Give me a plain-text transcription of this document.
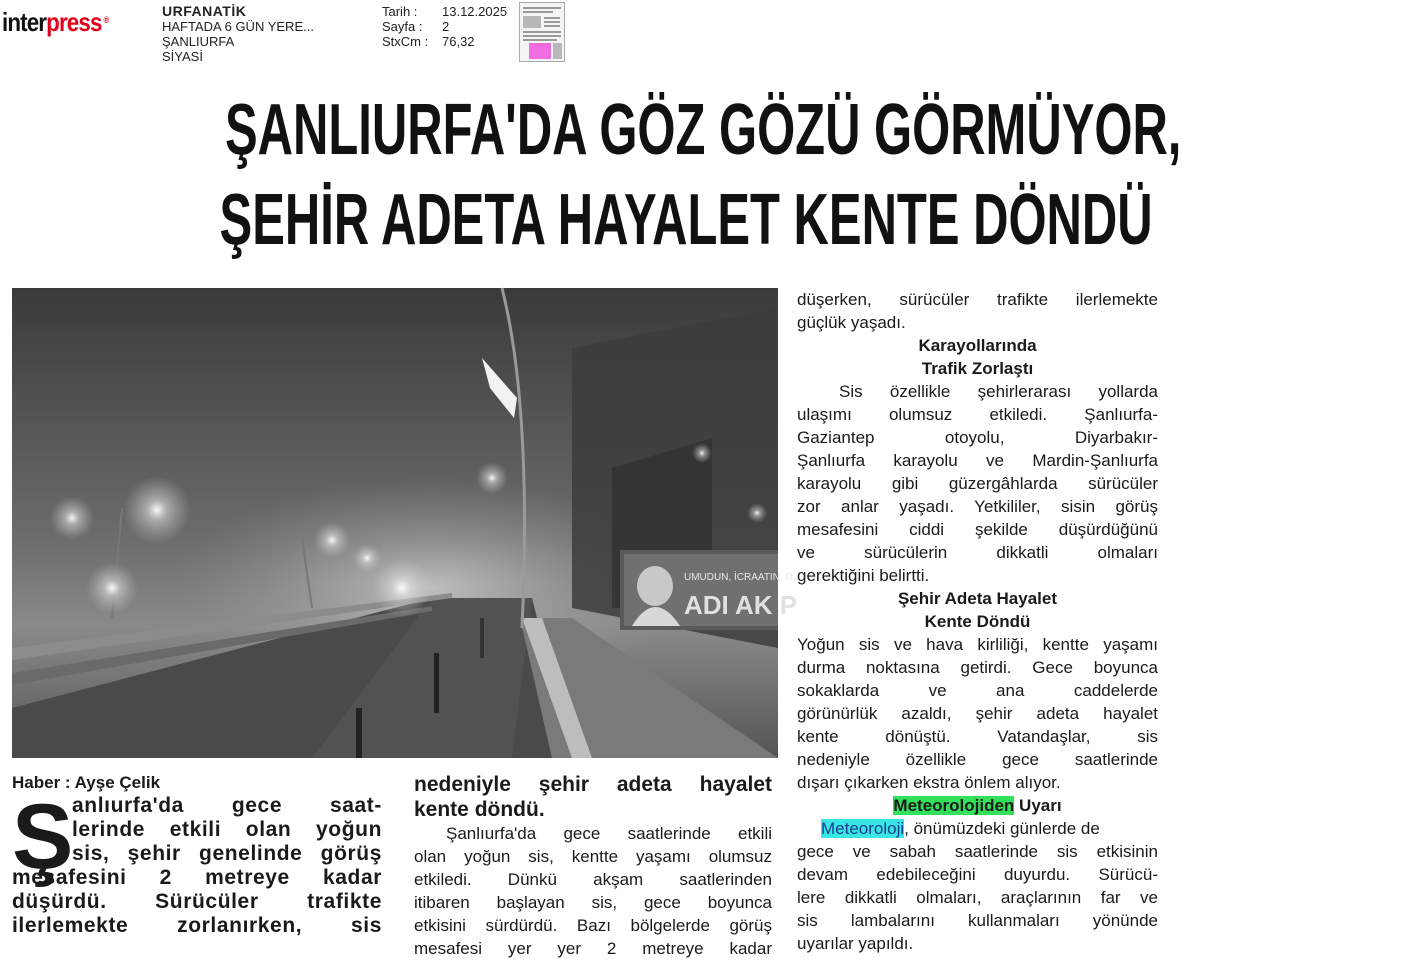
interpress ®
URFANATİK
HAFTADA 6 GÜN YERE...
ŞANLIURFA
SİYASİ
Tarih :	13.12.2025
Sayfa :	2
StxCm :	76,32
ŞANLIURFA'DA GÖZ GÖZÜ GÖRMÜYOR,
ŞEHİR ADETA HAYALET KENTE DÖNDÜ
UMUDUN, İCRAATIN, D
ADI AK P
Haber : Ayşe Çelik
Ş
anlıurfa'da gece saat-
lerinde etkili olan yoğun
sis, şehir genelinde görüş
mesafesini 2 metreye kadar
düşürdü. Sürücüler trafikte
ilerlemekte zorlanırken, sis
nedeniyle şehir adeta hayalet
kente döndü.
Şanlıurfa'da gece saatlerinde etkili
olan yoğun sis, kentte yaşamı olumsuz
etkiledi. Dünkü akşam saatlerinden
itibaren başlayan sis, gece boyunca
etkisini sürdürdü. Bazı bölgelerde görüş
mesafesi yer yer 2 metreye kadar
düşerken, sürücüler trafikte ilerlemekte
güçlük yaşadı.
Karayollarında
Trafik Zorlaştı
Sis özellikle şehirlerarası yollarda
ulaşımı olumsuz etkiledi. Şanlıurfa-
Gaziantep otoyolu, Diyarbakır-
Şanlıurfa karayolu ve Mardin-Şanlıurfa
karayolu gibi güzergâhlarda sürücüler
zor anlar yaşadı. Yetkililer, sisin görüş
mesafesini ciddi şekilde düşürdüğünü
ve sürücülerin dikkatli olmaları
gerektiğini belirtti.
Şehir Adeta Hayalet
Kente Döndü
Yoğun sis ve hava kirliliği, kentte yaşamı
durma noktasına getirdi. Gece boyunca
sokaklarda ve ana caddelerde
görünürlük azaldı, şehir adeta hayalet
kente dönüştü. Vatandaşlar, sis
nedeniyle özellikle gece saatlerinde
dışarı çıkarken ekstra önlem alıyor.
Meteorolojiden Uyarı
Meteoroloji, önümüzdeki günlerde de
gece ve sabah saatlerinde sis etkisinin
devam edebileceğini duyurdu. Sürücü-
lere dikkatli olmaları, araçlarının far ve
sis lambalarını kullanmaları yönünde
uyarılar yapıldı.
